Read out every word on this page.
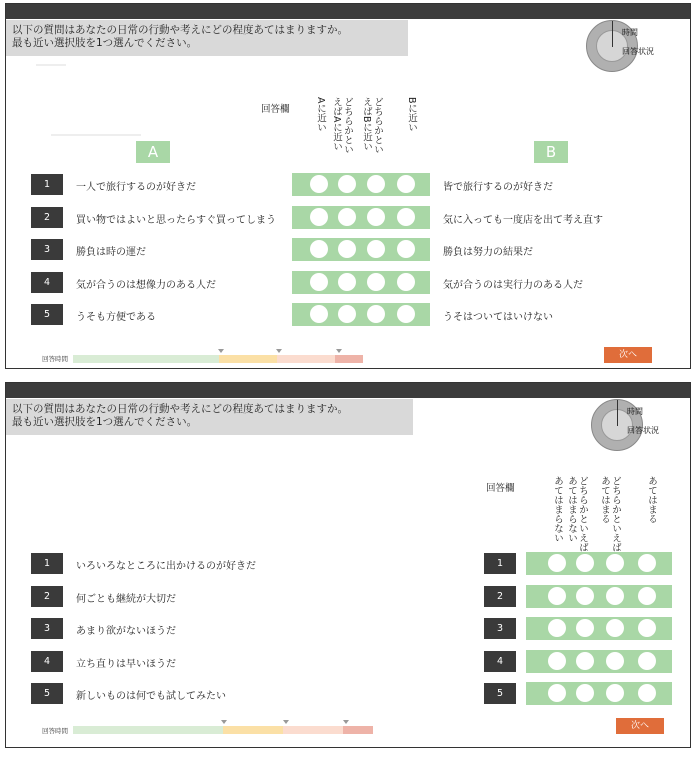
以下の質問はあなたの日常の行動や考えにどの程度あてはまりますか。
最も近い選択肢を1つ選んでください。
時間
回答状況
回答欄	Aに近い どちらかといえばAに近い	どちらかといえばBに近い	Bに近い
A	B
1	一人で旅行するのが好きだ	皆で旅行するのが好きだ
2	買い物ではよいと思ったらすぐ買ってしまう	気に入っても一度店を出て考え直す
3	勝負は時の運だ	勝負は努力の結果だ
4	気が合うのは想像力のある人だ	気が合うのは実行力のある人だ
5	うそも方便である	うそはついてはいけない
回答時間	次へ
以下の質問はあなたの日常の行動や考えにどの程度あてはまりますか。
最も近い選択肢を1つ選んでください。
時間
回答状況
回答欄	あてはまらない どちらかといえばあてはまらない	どちらかといえばあてはまる	あてはまる
1	いろいろなところに出かけるのが好きだ	1
2	何ごとも継続が大切だ	2
3	あまり欲がないほうだ	3
4	立ち直りは早いほうだ	4
5	新しいものは何でも試してみたい	5
回答時間	次へ
